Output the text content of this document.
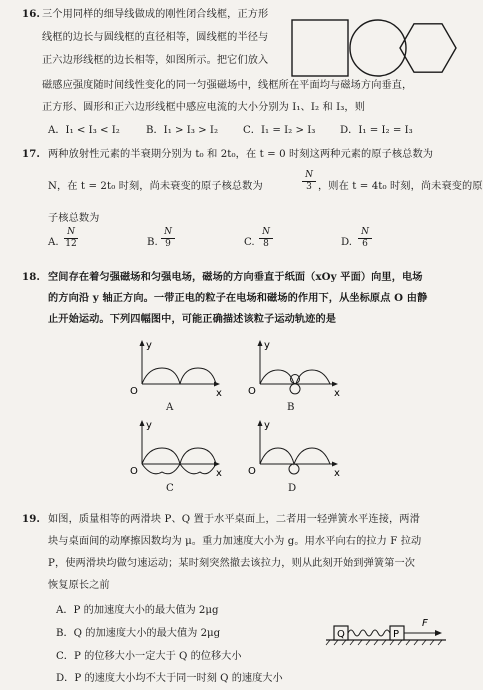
16. 三个用同样的细导线做成的刚性闭合线框，正方形
线框的边长与圆线框的直径相等，圆线框的半径与
正六边形线框的边长相等，如图所示。把它们放入
磁感应强度随时间线性变化的同一匀强磁场中，线框所在平面均与磁场方向垂直，
正方形、圆形和正六边形线框中感应电流的大小分别为 I₁、I₂ 和 I₃，则
A．I₁ < I₃ < I₂	B．I₁ > I₃ > I₂ C．I₁ = I₂ > I₃ D．I₁ = I₂ = I₃
17. 两种放射性元素的半衰期分别为 t₀ 和 2t₀，在 t = 0 时刻这两种元素的原子核总数为
N，在 t = 2t₀ 时刻，尚未衰变的原子核总数为	$\frac{N}{3}$ ，则在 t = 4t₀ 时刻，尚未衰变的原
子核总数为
A. $\frac{N}{12}$	B. $\frac{N}{9}$	C. $\frac{N}{8}$	D. $\frac{N}{6}$
18. 空间存在着匀强磁场和匀强电场，磁场的方向垂直于纸面（xOy 平面）向里，电场
的方向沿 y 轴正方向。一带正电的粒子在电场和磁场的作用下，从坐标原点 O 由静
止开始运动。下列四幅图中，可能正确描述该粒子运动轨迹的是
y
O	x
A
y
O	x
B
y
O	x
C
y
O	x
D
19. 如图，质量相等的两滑块 P、Q 置于水平桌面上，二者用一轻弹簧水平连接，两滑
块与桌面间的动摩擦因数均为 μ。重力加速度大小为 g。用水平向右的拉力 F 拉动
P，使两滑块均做匀速运动；某时刻突然撤去该拉力，则从此刻开始到弹簧第一次
恢复原长之前
A．P 的加速度大小的最大值为 2μg
B．Q 的加速度大小的最大值为 2μg
C．P 的位移大小一定大于 Q 的位移大小
D．P 的速度大小均不大于同一时刻 Q 的速度大小
Q	P
F
